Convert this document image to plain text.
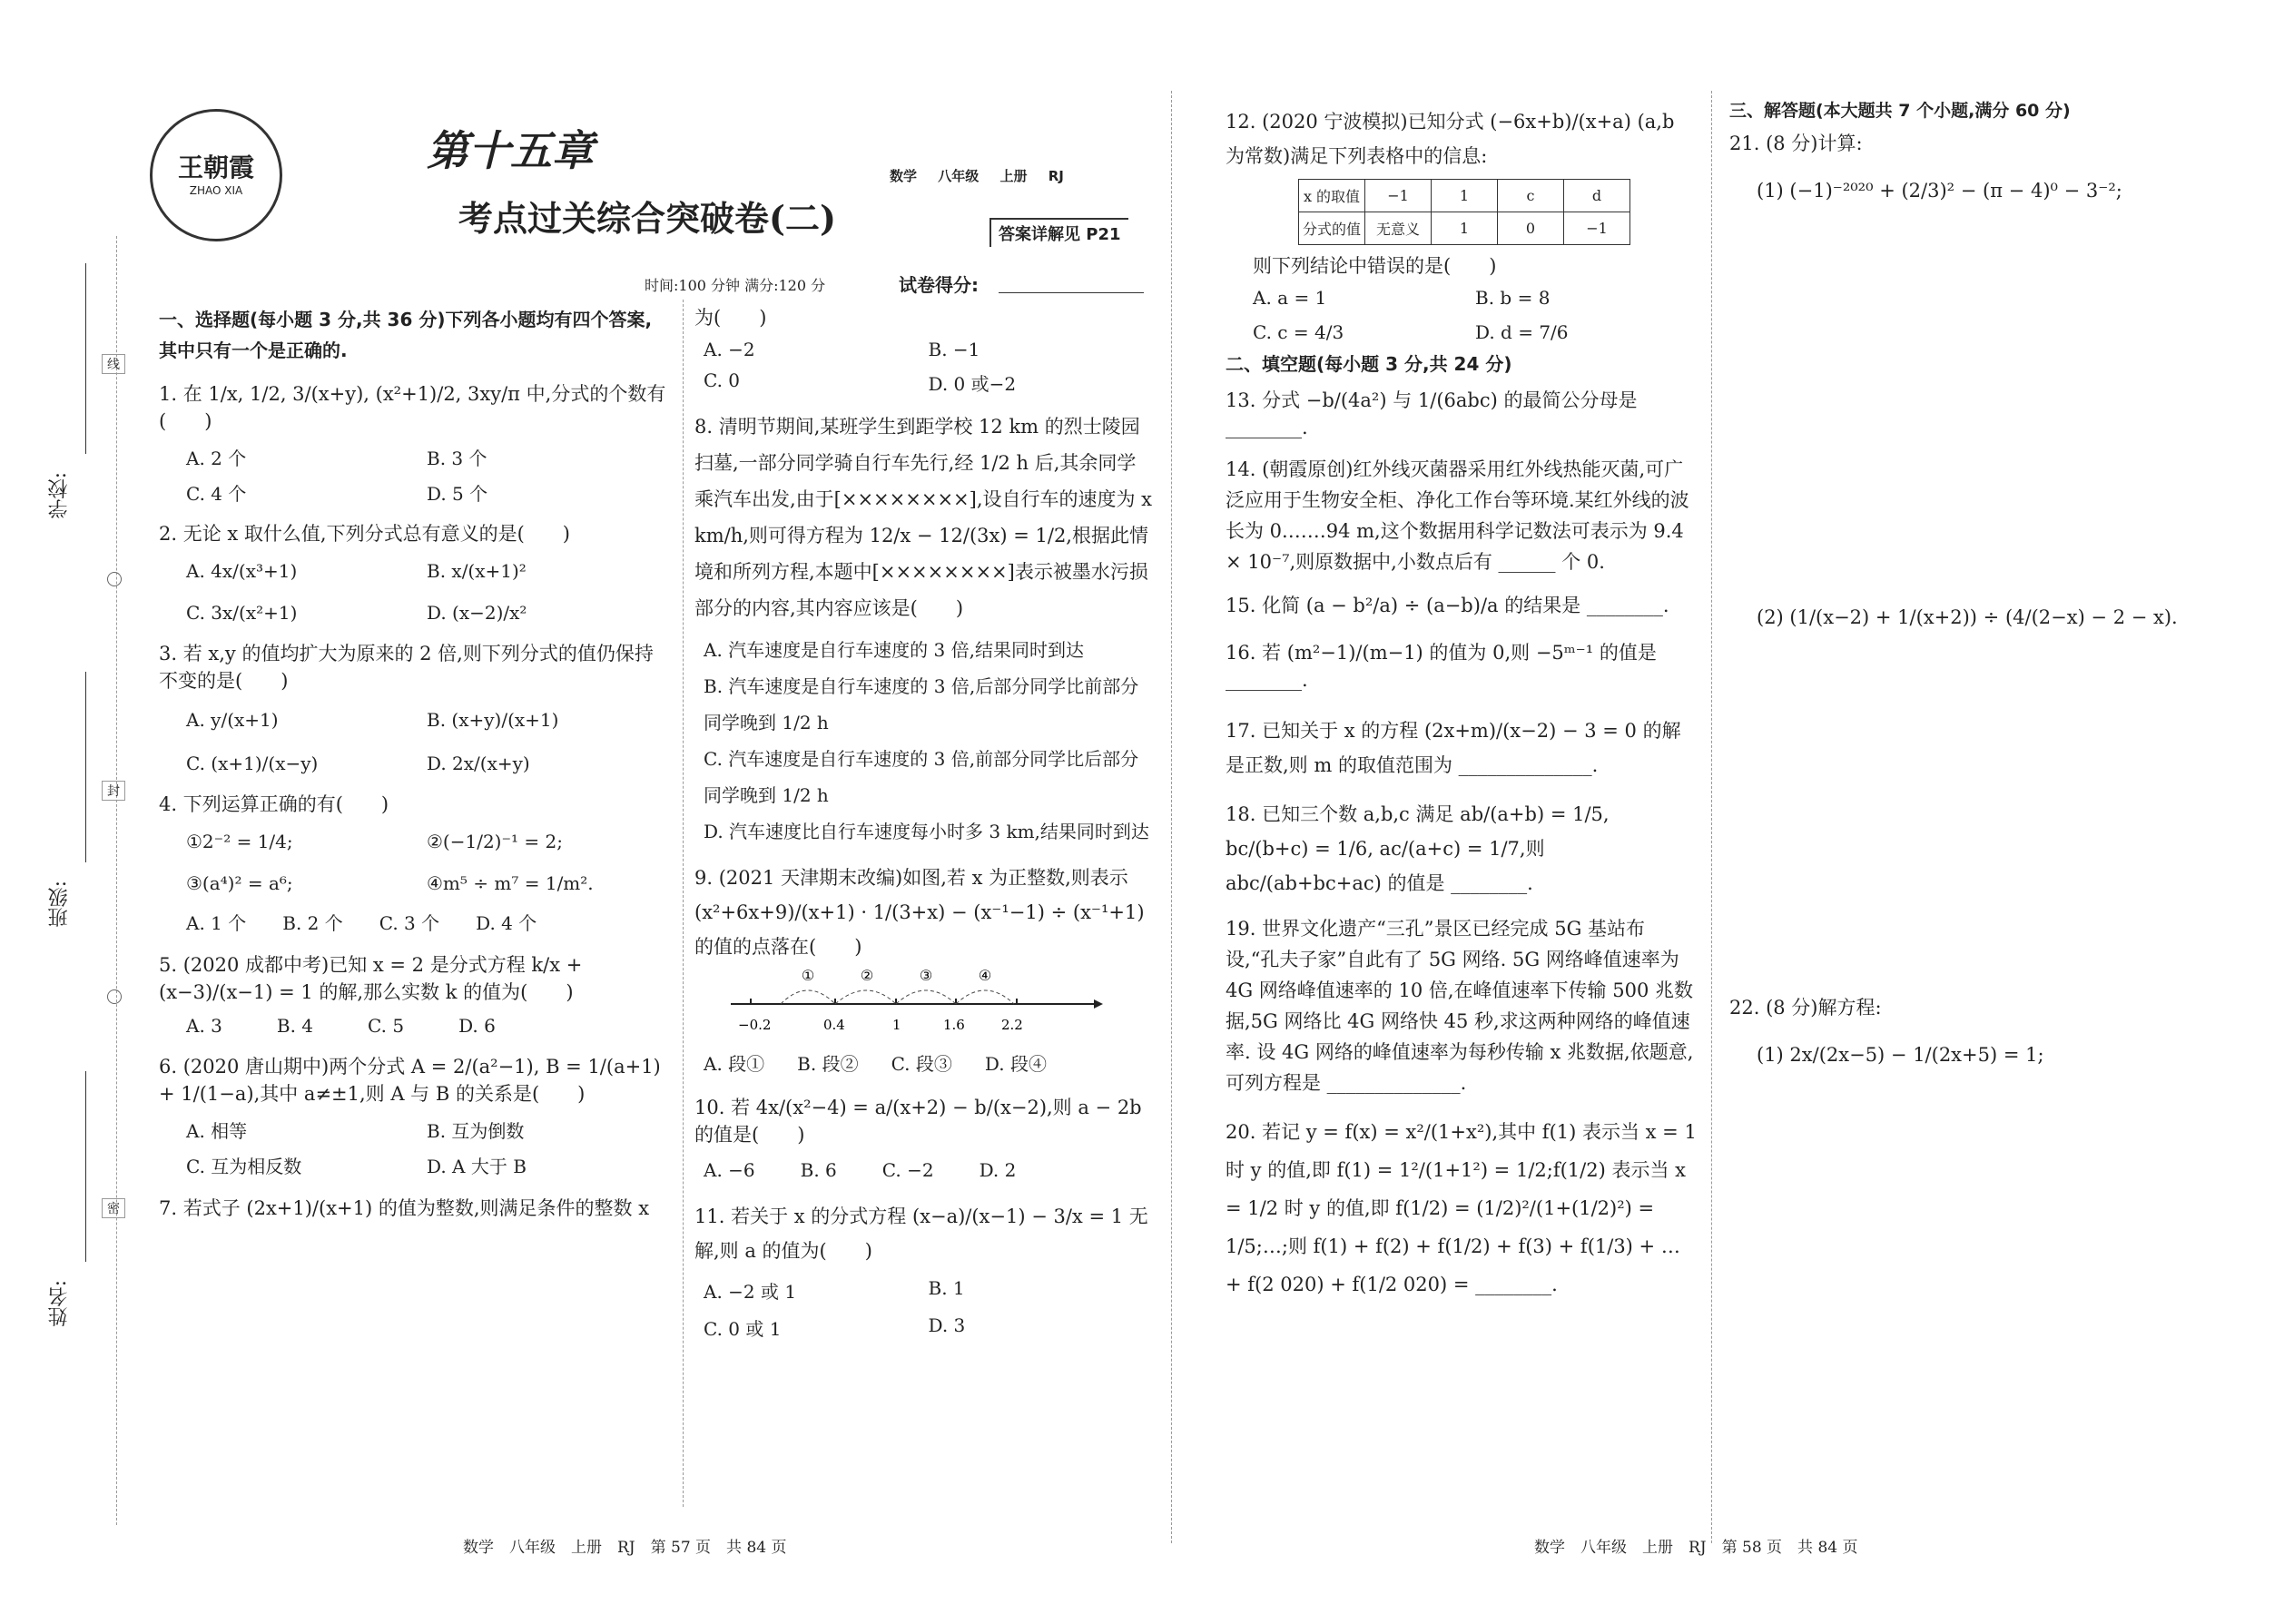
学校:
班级:
姓名:
线
封
密
王朝霞
ZHAO XIA
第十五章
考点过关综合突破卷(二)
数学 八年级 上册 RJ
答案详解见 P21
时间:100 分钟 满分:120 分	试卷得分:
一、选择题(每小题 3 分,共 36 分)下列各小题均有四个答案,其中只有一个是正确的.
1. 在 1/x, 1/2, 3/(x+y), (x²+1)/2, 3xy/π 中,分式的个数有 (　　)
A. 2 个	B. 3 个
C. 4 个	D. 5 个
2. 无论 x 取什么值,下列分式总有意义的是(　　)
A. 4x/(x³+1)	B. x/(x+1)²
C. 3x/(x²+1)	D. (x−2)/x²
3. 若 x,y 的值均扩大为原来的 2 倍,则下列分式的值仍保持不变的是(　　)
A. y/(x+1)	B. (x+y)/(x+1)
C. (x+1)/(x−y)	D. 2x/(x+y)
4. 下列运算正确的有(　　)
①2⁻² = 1/4;	②(−1/2)⁻¹ = 2;
③(a⁴)² = a⁶;	④m⁵ ÷ m⁷ = 1/m².
A. 1 个 B. 2 个 C. 3 个 D. 4 个
5. (2020 成都中考)已知 x = 2 是分式方程 k/x + (x−3)/(x−1) = 1 的解,那么实数 k 的值为(　　)
A. 3	B. 4	C. 5	D. 6
6. (2020 唐山期中)两个分式 A = 2/(a²−1), B = 1/(a+1) + 1/(1−a),其中 a≠±1,则 A 与 B 的关系是(　　)
A. 相等	B. 互为倒数
C. 互为相反数	D. A 大于 B
7. 若式子 (2x+1)/(x+1) 的值为整数,则满足条件的整数 x
为(　　)
A. −2	B. −1
C. 0	D. 0 或−2
8. 清明节期间,某班学生到距学校 12 km 的烈士陵园扫墓,一部分同学骑自行车先行,经 1/2 h 后,其余同学乘汽车出发,由于[××××××××],设自行车的速度为 x km/h,则可得方程为 12/x − 12/(3x) = 1/2,根据此情境和所列方程,本题中[××××××××]表示被墨水污损部分的内容,其内容应该是(　　)
A. 汽车速度是自行车速度的 3 倍,结果同时到达
B. 汽车速度是自行车速度的 3 倍,后部分同学比前部分同学晚到 1/2 h
C. 汽车速度是自行车速度的 3 倍,前部分同学比后部分同学晚到 1/2 h
D. 汽车速度比自行车速度每小时多 3 km,结果同时到达
9. (2021 天津期末改编)如图,若 x 为正整数,则表示 (x²+6x+9)/(x+1) · 1/(3+x) − (x⁻¹−1) ÷ (x⁻¹+1) 的值的点落在(　　)
①	②	③	④
−0.2	0.4	1	1.6	2.2
A. 段① B. 段② C. 段③ D. 段④
10. 若 4x/(x²−4) = a/(x+2) − b/(x−2),则 a − 2b 的值是(　　)
A. −6	B. 6	C. −2	D. 2
11. 若关于 x 的分式方程 (x−a)/(x−1) − 3/x = 1 无解,则 a 的值为(　　)
A. −2 或 1	B. 1
C. 0 或 1	D. 3
12. (2020 宁波模拟)已知分式 (−6x+b)/(x+a) (a,b 为常数)满足下列表格中的信息:
x 的取值	−1	1	c	d
分式的值	无意义	1	0	−1
则下列结论中错误的是(　　)
A. a = 1	B. b = 8
C. c = 4/3	D. d = 7/6
二、填空题(每小题 3 分,共 24 分)
13. 分式 −b/(4a²) 与 1/(6abc) 的最简公分母是 ________.
14. (朝霞原创)红外线灭菌器采用红外线热能灭菌,可广泛应用于生物安全柜、净化工作台等环境.某红外线的波长为 0.……94 m,这个数据用科学记数法可表示为 9.4 × 10⁻⁷,则原数据中,小数点后有 ______ 个 0.
15. 化简 (a − b²/a) ÷ (a−b)/a 的结果是 ________.
16. 若 (m²−1)/(m−1) 的值为 0,则 −5ᵐ⁻¹ 的值是 ________.
17. 已知关于 x 的方程 (2x+m)/(x−2) − 3 = 0 的解是正数,则 m 的取值范围为 ______________.
18. 已知三个数 a,b,c 满足 ab/(a+b) = 1/5, bc/(b+c) = 1/6, ac/(a+c) = 1/7,则 abc/(ab+bc+ac) 的值是 ________.
19. 世界文化遗产“三孔”景区已经完成 5G 基站布设,“孔夫子家”自此有了 5G 网络. 5G 网络峰值速率为 4G 网络峰值速率的 10 倍,在峰值速率下传输 500 兆数据,5G 网络比 4G 网络快 45 秒,求这两种网络的峰值速率. 设 4G 网络的峰值速率为每秒传输 x 兆数据,依题意,可列方程是 ______________.
20. 若记 y = f(x) = x²/(1+x²),其中 f(1) 表示当 x = 1 时 y 的值,即 f(1) = 1²/(1+1²) = 1/2;f(1/2) 表示当 x = 1/2 时 y 的值,即 f(1/2) = (1/2)²/(1+(1/2)²) = 1/5;…;则 f(1) + f(2) + f(1/2) + f(3) + f(1/3) + … + f(2 020) + f(1/2 020) = ________.
三、解答题(本大题共 7 个小题,满分 60 分)
21. (8 分)计算:
(1) (−1)⁻²⁰²⁰ + (2/3)² − (π − 4)⁰ − 3⁻²;
(2) (1/(x−2) + 1/(x+2)) ÷ (4/(2−x) − 2 − x).
22. (8 分)解方程:
(1) 2x/(2x−5) − 1/(2x+5) = 1;
数学　八年级　上册　RJ　第 57 页　共 84 页	数学　八年级　上册　RJ　第 58 页　共 84 页
